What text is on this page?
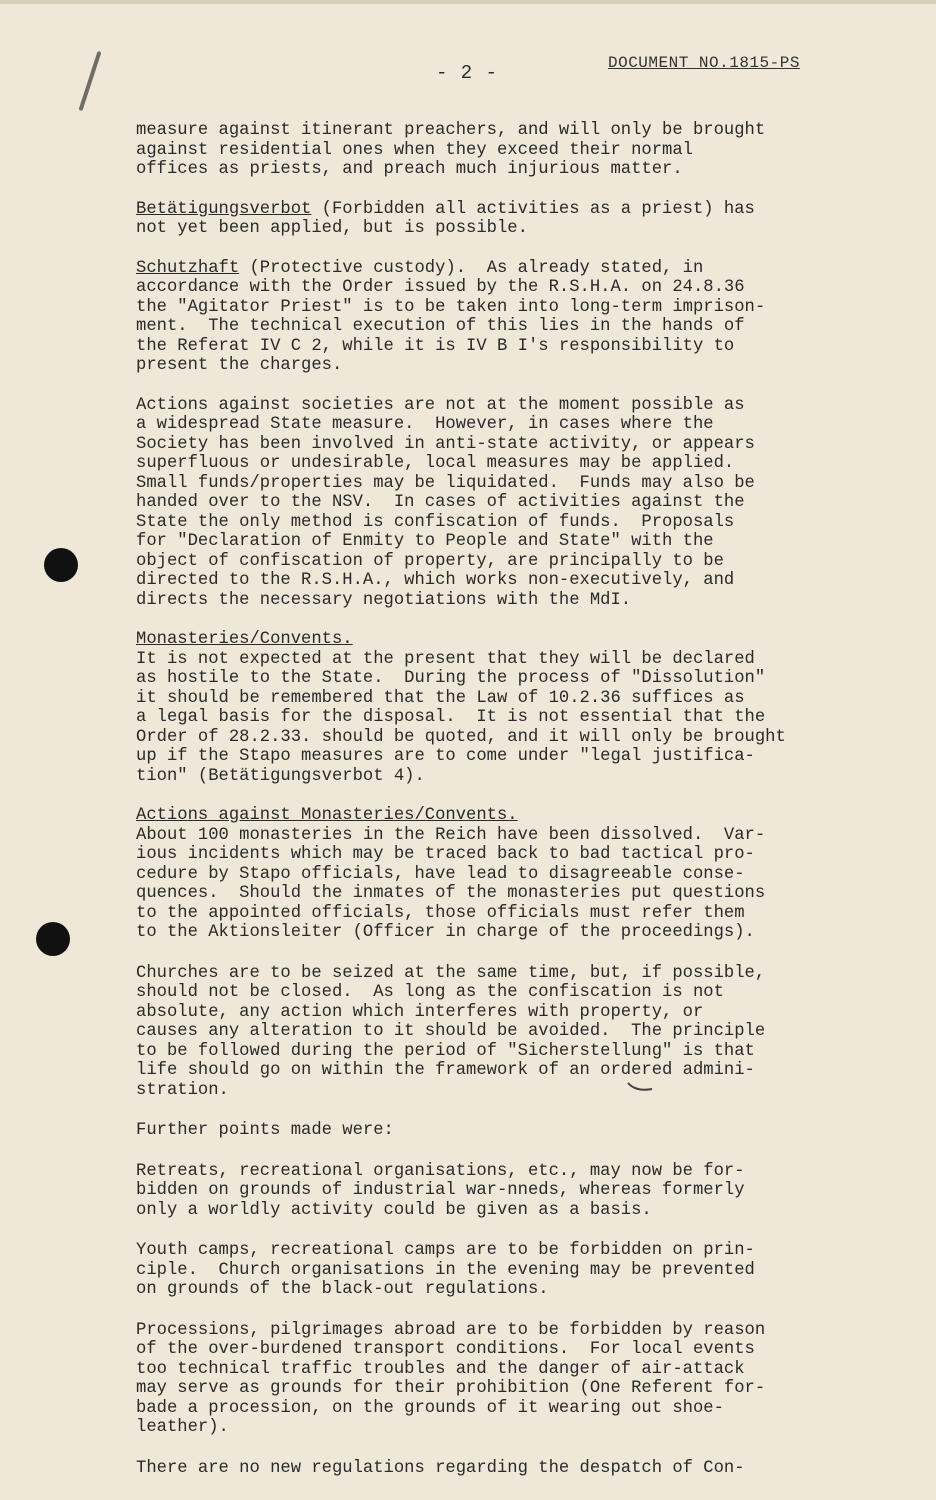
- 2 -	DOCUMENT NO.1815-PS

measure against itinerant preachers, and will only be brought
against residential ones when they exceed their normal
offices as priests, and preach much injurious matter.

Betätigungsverbot (Forbidden all activities as a priest) has
not yet been applied, but is possible.

Schutzhaft (Protective custody).  As already stated, in
accordance with the Order issued by the R.S.H.A. on 24.8.36
the "Agitator Priest" is to be taken into long-term imprison-
ment.  The technical execution of this lies in the hands of
the Referat IV C 2, while it is IV B I's responsibility to
present the charges.

Actions against societies are not at the moment possible as
a widespread State measure.  However, in cases where the
Society has been involved in anti-state activity, or appears
superfluous or undesirable, local measures may be applied.
Small funds/properties may be liquidated.  Funds may also be
handed over to the NSV.  In cases of activities against the
State the only method is confiscation of funds.  Proposals
for "Declaration of Enmity to People and State" with the
object of confiscation of property, are principally to be
directed to the R.S.H.A., which works non-executively, and
directs the necessary negotiations with the MdI.

Monasteries/Convents.
It is not expected at the present that they will be declared
as hostile to the State.  During the process of "Dissolution"
it should be remembered that the Law of 10.2.36 suffices as
a legal basis for the disposal.  It is not essential that the
Order of 28.2.33. should be quoted, and it will only be brought
up if the Stapo measures are to come under "legal justifica-
tion" (Betätigungsverbot 4).

Actions against Monasteries/Convents.
About 100 monasteries in the Reich have been dissolved.  Var-
ious incidents which may be traced back to bad tactical pro-
cedure by Stapo officials, have lead to disagreeable conse-
quences.  Should the inmates of the monasteries put questions
to the appointed officials, those officials must refer them
to the Aktionsleiter (Officer in charge of the proceedings).

Churches are to be seized at the same time, but, if possible,
should not be closed.  As long as the confiscation is not
absolute, any action which interferes with property, or
causes any alteration to it should be avoided.  The principle
to be followed during the period of "Sicherstellung" is that
life should go on within the framework of an ordered admini-
stration.

Further points made were:

Retreats, recreational organisations, etc., may now be for-
bidden on grounds of industrial war-nneds, whereas formerly
only a worldly activity could be given as a basis.

Youth camps, recreational camps are to be forbidden on prin-
ciple.  Church organisations in the evening may be prevented
on grounds of the black-out regulations.

Processions, pilgrimages abroad are to be forbidden by reason
of the over-burdened transport conditions.  For local events
too technical traffic troubles and the danger of air-attack
may serve as grounds for their prohibition (One Referent for-
bade a procession, on the grounds of it wearing out shoe-
leather).

There are no new regulations regarding the despatch of Con-
